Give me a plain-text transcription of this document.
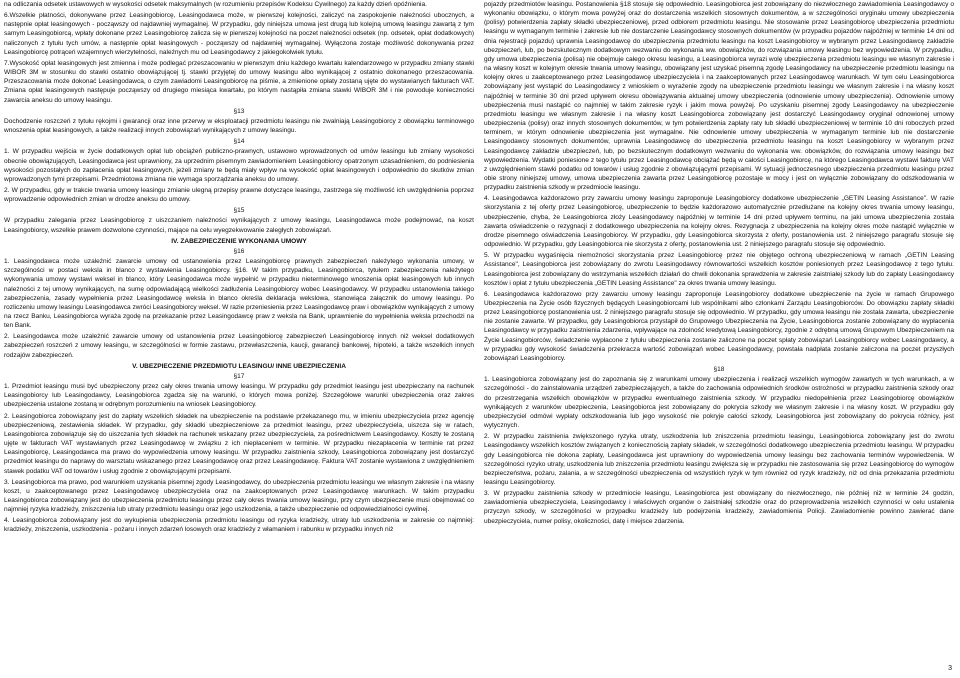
na odliczania odsetek ustawowych w wysokości odsetek maksymalnych (w rozumieniu przepisów Kodeksu Cywilnego) za każdy dzień opóźnienia.

6.Wszelkie płatności, dokonywane przez Leasingobiorcę, Leasingodawca może, w pierwszej kolejności, zaliczyć na zaspokojenie należności ubocznych, a następnie opłat leasingowych - począwszy od najdawniej wymagalnej. W przypadku, gdy niniejsza umowa jest drugą lub kolejną umową leasingu zawartą z tym samym Leasingobiorcą, wpłaty dokonane przez Leasingobiorcę zalicza się w pierwszej kolejności na poczet należności odsetek (np. odsetek, opłat dodatkowych) naliczonych z tytułu tych umów, a następnie opłat leasingowych - począwszy od najdawniej wymagalnej. Wyłączona zostaje możliwość dokonywania przez Leasingobiorcę potrąceń wzajemnych wierzytelności, należnych mu od Leasingodawcy z jakiegokolwiek tytułu.

7.Wysokość opłat leasingowych jest zmienna i może podlegać przeszacowaniu w pierwszym dniu każdego kwartału kalendarzowego w przypadku zmiany stawki WIBOR 3M w stosunku do stawki ostatnio obowiązującej tj. stawki przyjętej do umowy leasingu albo wynikającej z ostatnio dokonanego przeszacowania. Przeszacowania może dokonać Leasingodawca, o czym zawiadomi Leasingobiorcę na piśmie, a zmienione opłaty zostaną ujęte do wystawianych fakturach VAT. Zmiana opłat leasingowych następuje począwszy od drugiego miesiąca kwartału, po którym nastąpiła zmiana stawki WIBOR 3M i nie powoduje konieczności zawarcia aneksu do umowy leasingu.

§13

Dochodzenie roszczeń z tytułu rękojmi i gwarancji oraz inne przerwy w eksploatacji przedmiotu leasingu nie zwalniają Leasingobiorcy z obowiązku terminowego wnoszenia opłat leasingowych, a także realizacji innych zobowiązań wynikających z umowy leasingu.

§14

1. W przypadku wejścia w życie dodatkowych opłat lub obciążeń publiczno-prawnych, ustawowo wprowadzonych od umów leasingu lub zmiany wysokości obecnie obowiązujących, Leasingodawca jest uprawniony, za uprzednim pisemnym zawiadomieniem Leasingobiorcy opatrzonym uzasadnieniem, do podniesienia wysokości pozostałych do zapłacenia opłat leasingowych, jeżeli zmiany te będą miały wpływ na wysokość opłat leasingowych i odpowiednio do skutków zmian wprowadzonych tymi przepisami. Przedmiotowa zmiana nie wymaga sporządzania aneksu do umowy.

2. W przypadku, gdy w trakcie trwania umowy leasingu zmianie ulegną przepisy prawne dotyczące leasingu, zastrzega się możliwość ich uwzględnienia poprzez wprowadzenie odpowiednich zmian w drodze aneksu do umowy.

§15

W przypadku zalegania przez Leasingobiorcę z uiszczaniem należności wynikających z umowy leasingu, Leasingodawca może podejmować, na koszt Leasingobiorcy, wszelkie prawem dozwolone czynności, mające na celu wyegzekwowanie zaległych zobowiązań.

IV. ZABEZPIECZENIE WYKONANIA UMOWY
§16

1. Leasingodawca może uzależnić zawarcie umowy od ustanowienia przez Leasingobiorcę prawnych zabezpieczeń należytego wykonania umowy, w szczególności w postaci weksla in blanco z wystawienia Leasingobiorcy. §16. W takim przypadku, Leasingobiorca, tytułem zabezpieczenia należytego wykonywania umowy wystawi weksel in blanco, który Leasingodawca może wypełnić w przypadku nieterminowego wnoszenia opłat leasingowych lub innych należności z tej umowy wynikających, na sumę odpowiadającą wielkości zadłużenia Leasingobiorcy wobec Leasingodawcy. W przypadku ustanowienia takiego zabezpieczenia, zasady wypełnienia przez Leasingodawcę weksla in blanco określa deklaracja wekslowa, stanowiąca załącznik do umowy leasingu. Po rozliczeniu umowy leasingu Leasingodawca zwróci Leasingobiorcy weksel. W razie przeniesienia przez Leasingodawcę praw i obowiązków wynikających z umowy na rzecz Banku, Leasingobiorca wyraża zgodę na przekazanie przez Leasingodawcę praw z weksla na Bank, uprawnienie do wypełnienia weksla przechodzi na ten Bank.

2. Leasingodawca może uzależnić zawarcie umowy od ustanowienia przez Leasingobiorcę zabezpieczeń Leasingobiorcę innych niż weksel dodatkowych zabezpieczeń roszczeń z umowy leasingu, w szczególności w formie zastawu, przewłaszczenia, kaucji, gwarancji bankowej, hipoteki, a także wszelkich innych rodzajów zabezpieczeń.

V. UBEZPIECZENIE PRZEDMIOTU LEASINGU/ INNE UBEZPIECZENIA
§17

1. Przedmiot leasingu musi być ubezpieczony przez cały okres trwania umowy leasingu. W przypadku gdy przedmiot leasingu jest ubezpieczany na rachunek Leasingobiorcy lub Leasingodawcy, Leasingobiorca zgadza się na warunki, o których mowa poniżej. Szczegółowe warunki ubezpieczenia oraz zakres ubezpieczenia ustalone zostaną w odrębnym porozumieniu na wniosek Leasingobiorcy.

2. Leasingobiorca zobowiązany jest do zapłaty wszelkich składek na ubezpieczenie na podstawie przekazanego mu, w imieniu ubezpieczyciela przez agencję ubezpieczeniową, zestawienia składek. W przypadku, gdy składki ubezpieczeniowe za przedmiot leasingu, przez ubezpieczyciela, uiszcza się w ratach, Leasingobiorca zobowiązuje się do uiszczania tych składek na rachunek wskazany przez ubezpieczyciela, za pośrednictwem Leasingodawcy. Koszty te zostaną ujęte w fakturach VAT wystawianych przez Leasingodawcę w związku z ich niepłaceniem w terminie. W przypadku niezapłacenia w terminie rat przez Leasingobiorcę, Leasingodawca ma prawo do wypowiedzenia umowy leasingu. W przypadku zaistnienia szkody, Leasingobiorca zobowiązany jest dostarczyć przedmiot leasingu do naprawy do warsztatu wskazanego przez Leasingodawcę oraz przez Leasingodawcę. Faktura VAT zostanie wystawiona z uwzględnieniem stawek podatku VAT od towarów i usług zgodnie z obowiązującymi przepisami.

3. Leasingobiorca ma prawo, pod warunkiem uzyskania pisemnej zgody Leasingodawcy, do ubezpieczenia przedmiotu leasingu we własnym zakresie i na własny koszt, u zaakceptowanego przez Leasingodawcę ubezpieczyciela oraz na zaakceptowanych przez Leasingodawcę warunkach. W takim przypadku Leasingobiorca zobowiązany jest do ubezpieczenia przedmiotu leasingu przez cały okres trwania umowy leasingu, przy czym ubezpieczenie musi obejmować co najmniej ryzyka kradzieży, zniszczenia lub utraty przedmiotu leasingu oraz jego uszkodzenia, a także ubezpieczenie od odpowiedzialności cywilnej.

4. Leasingobiorca zobowiązany jest do wykupienia ubezpieczenia przedmiotu leasingu od ryzyka kradzieży, utraty lub uszkodzenia w zakresie co najmniej: kradzieży, zniszczenia, uszkodzenia - pożaru i innych zdarzeń losowych oraz kradzieży z włamaniem i rabunku w przypadku innych niż

pojazdy przedmiotów leasingu. Postanowienia §18 stosuje się odpowiednio. Leasingobiorca jest zobowiązany do niezwłocznego zawiadomienia Leasingodawcy o wykonaniu obowiązku, o którym mowa powyżej oraz do dostarczenia wszelkich stosownych dokumentów, a w szczególności oryginału umowy ubezpieczenia (polisy) potwierdzenia zapłaty składki ubezpieczeniowej, przed odbiorem przedmiotu leasingu. Nie stosowanie przez Leasingobiorcę ubezpieczenia przedmiotu leasingu w wymaganym terminie i zakresie lub nie dostarczenie Leasingodawcy stosownych dokumentów (w przypadku pojazdów najpóźniej w terminie 14 dni od dnia rejestracji pojazdu) uprawnia Leasingodawcę do ubezpieczenia przedmiotu leasingu na koszt Leasingobiorcy w wybranym przez Leasingodawcę zakładzie ubezpieczeń, lub, po bezskutecznym dodatkowym wezwaniu do wykonania ww. obowiązków, do rozwiązania umowy leasingu bez wypowiedzenia. W przypadku, gdy umowa ubezpieczenia (polisa) nie obejmuje całego okresu leasingu, a Leasingobiorca wyrazi wolę ubezpieczenia przedmiotu leasingu we własnym zakresie i na własny koszt w kolejnym okresie trwania umowy leasingu, obowiązany jest uzyskać pisemną zgodę Leasingodawcy na ubezpieczenie przedmiotu leasingu na kolejny okres u zaakceptowanego przez Leasingodawcę ubezpieczyciela i na zaakceptowanych przez Leasingodawcę warunkach. W tym celu Leasingobiorca zobowiązany jest wystąpić do Leasingodawcy z wnioskiem o wyrażenie zgody na ubezpieczenie przedmiotu leasingu we własnym zakresie i na własny koszt najpóźniej w terminie 30 dni przed upływem okresu obowiązywania aktualnej umowy ubezpieczenia (odnowienie umowy ubezpieczenia). Odnowienie umowy ubezpieczenia musi nastąpić co najmniej w takim zakresie ryzyk i jakim mowa powyżej. Po uzyskaniu pisemnej zgody Leasingodawcy na ubezpieczenie przedmiotu leasingu we własnym zakresie i na własny koszt Leasingobiorca zobowiązany jest dostarczyć Leasingodawcy oryginał odnowionej umowy ubezpieczenia (polisy) oraz innych stosownych dokumentów, w tym potwierdzenia zapłaty raty lub składki ubezpieczeniowej w terminie 10 dni roboczych przed terminem, w którym odnowienie ubezpieczenia jest wymagalne. Nie odnowienie umowy ubezpieczenia w wymaganym terminie lub nie dostarczenie Leasingodawcy stosownych dokumentów, uprawnia Leasingodawcę do ubezpieczenia przedmiotu leasingu na koszt Leasingobiorcy w wybranym przez Leasingodawcę zakładzie ubezpieczeń, lub, po bezskutecznym dodatkowym wezwaniu do wykonania ww. obowiązków, do rozwiązania umowy leasingu bez wypowiedzenia. Wydatki poniesione z tego tytułu przez Leasingodawcę obciążać będą w całości Leasingobiorcę, na którego Leasingodawca wystawi fakturę VAT z uwzględnieniem stawki podatku od towarów i usług zgodnie z obowiązującymi przepisami. W sytuacji jednoczesnego ubezpieczenia przedmiotu leasingu przez obie strony niniejszej umowy, umowa ubezpieczenia zawarta przez Leasingobiorcę pozostaje w mocy i jest on wyłącznie zobowiązany do odszkodowania w przypadku zaistnienia szkody w przedmiocie leasingu.

4. Leasingodawca każdorazowo przy zawarciu umowy leasingu zaproponuje Leasingobiorcy dodatkowe ubezpieczenie „GETIN Leasing Assistance". W razie skorzystania z tej oferty przez Leasingobiorcę, ubezpieczenie to będzie każdorazowo automatycznie przedłużane na kolejny okres trwania umowy leasingu, ubezpieczenie, chyba, że Leasingobiorca złoży Leasingodawcy najpóźniej w terminie 14 dni przed upływem terminu, na jaki umowa ubezpieczenia została zawarta oświadczenie o rezygnacji z dodatkowego ubezpieczenia na kolejny okres. Rezygnacja z ubezpieczenia na kolejny okres może nastąpić wyłącznie w drodze pisemnego oświadczenia Leasingobiorcy. W przypadku, gdy Leasingobiorca skorzysta z oferty, postanowienia ust. 2 niniejszego paragrafu stosuje się odpowiednio. W przypadku, gdy Leasingobiorca nie skorzysta z oferty, postanowienia ust. 2 niniejszego paragrafu stosuje się odpowiednio.

5. W przypadku wygaśnięcia niemożności skorzystania przez Leasingobiorcę przez nie objętego ochroną ubezpieczeniową w ramach „GETIN Leasing Assistance", Leasingobiorca jest zobowiązany do zwrotu Leasingodawcy równowartości wszelkich kosztów poniesionych przez Leasingodawcę z tego tytułu. Leasingobiorca jest zobowiązany do wstrzymania wszelkich działań do chwili dokonania sprawdzenia w zakresie zaistniałej szkody lub do zapłaty Leasingodawcy kosztów i opłat z tytułu ubezpieczenia „GETIN Leasing Assistance" za okres trwania umowy leasingu.

6. Leasingodawca każdorazowo przy zawarciu umowy leasingu zaproponuje Leasingobiorcy dodatkowe ubezpieczenie na życie w ramach Grupowego Ubezpieczenia na Życie osób fizycznych będących Leasingobiorcami lub wspólnikami albo członkami Zarządu Leasingobiorców. Do obowiązku zapłaty składki przez Leasingobiorcę postanowienia ust. 2 niniejszego paragrafu stosuje się odpowiednio. W przypadku, gdy umowa leasingu nie została zawarta, ubezpieczenie nie zostanie zawarte. W przypadku, gdy Leasingobiorca przystąpił do Grupowego Ubezpieczenia na Życie, Leasingobiorca zostanie zobowiązany do wypłacenia Leasingodawcy w przypadku zaistnienia zdarzenia, wpływające na zdolność kredytową Leasingobiorcy, zgodnie z odrębną umową Grupowym Ubezpieczeniem na Życie Leasingobiorców, świadczenie wypłacone z tytułu ubezpieczenia zostanie zaliczone na poczet spłaty zobowiązań Leasingobiorcy wobec Leasingodawcy, a w przypadku gdy wysokość świadczenia przekracza wartość zobowiązań wobec Leasingodawcy, powstała nadpłata zostanie zaliczona na poczet przyszłych zobowiązań Leasingobiorcy.

§18

1. Leasingobiorca zobowiązany jest do zapoznania się z warunkami umowy ubezpieczenia i realizacji wszelkich wymogów zawartych w tych warunkach, a w szczególności - do zainstalowania urządzeń zabezpieczających, a także do zachowania odpowiednich środków ostrożności w przypadku zaistnienia szkody oraz do przestrzegania wszelkich obowiązków w przypadku ewentualnego zaistnienia szkody. W przypadku niedopełnienia przez Leasingobiorcę obowiązków wynikających z warunków ubezpieczenia, Leasingobiorca jest zobowiązany do pokrycia szkody we własnym zakresie i na własny koszt. W przypadku gdy ubezpieczyciel odmówi wypłaty odszkodowania lub jego wysokość nie pokryje całości szkody, Leasingobiorca jest zobowiązany do pokrycia różnicy, jest wytycznych.

2. W przypadku zaistnienia zwiększonego ryzyka utraty, uszkodzenia lub zniszczenia przedmiotu leasingu, Leasingobiorca zobowiązany jest do zwrotu Leasingodawcy wszelkich kosztów związanych z koniecznością zapłaty składek, w szczególności dodatkowego ubezpieczenia przedmiotu leasingu. W przypadku gdy Leasingobiorca nie dokona zapłaty, Leasingodawca jest uprawniony do wypowiedzenia umowy leasingu bez zachowania terminów wypowiedzenia. W szczególności ryzyko utraty, uszkodzenia lub zniszczenia przedmiotu leasingu zwiększa się w przypadku nie zastosowania się przez Leasingobiorcę do wymogów bezpieczeństwa, pożaru, zalania, a w szczególności ubezpieczenia od wszystkich ryzyk w tym również od ryzyk kradzieży, niż od dnia przekazania przedmiotu leasingu Leasingobiorcy.

3. W przypadku zaistnienia szkody w przedmiocie leasingu, Leasingobiorca jest obowiązany do niezwłocznego, nie później niż w terminie 24 godzin, zawiadomienia ubezpieczyciela, Leasingodawcy i właściwych organów o zaistniałej szkodzie oraz do przeprowadzenia wszelkich czynności w celu ustalenia przyczyn szkody, w szczególności w przypadku kradzieży lub podejrzenia kradzieży, zawiadomienia Policji. Zawiadomienie powinno zawierać dane ubezpieczyciela, numer polisy, okoliczności, datę i miejsce zdarzenia.

3
